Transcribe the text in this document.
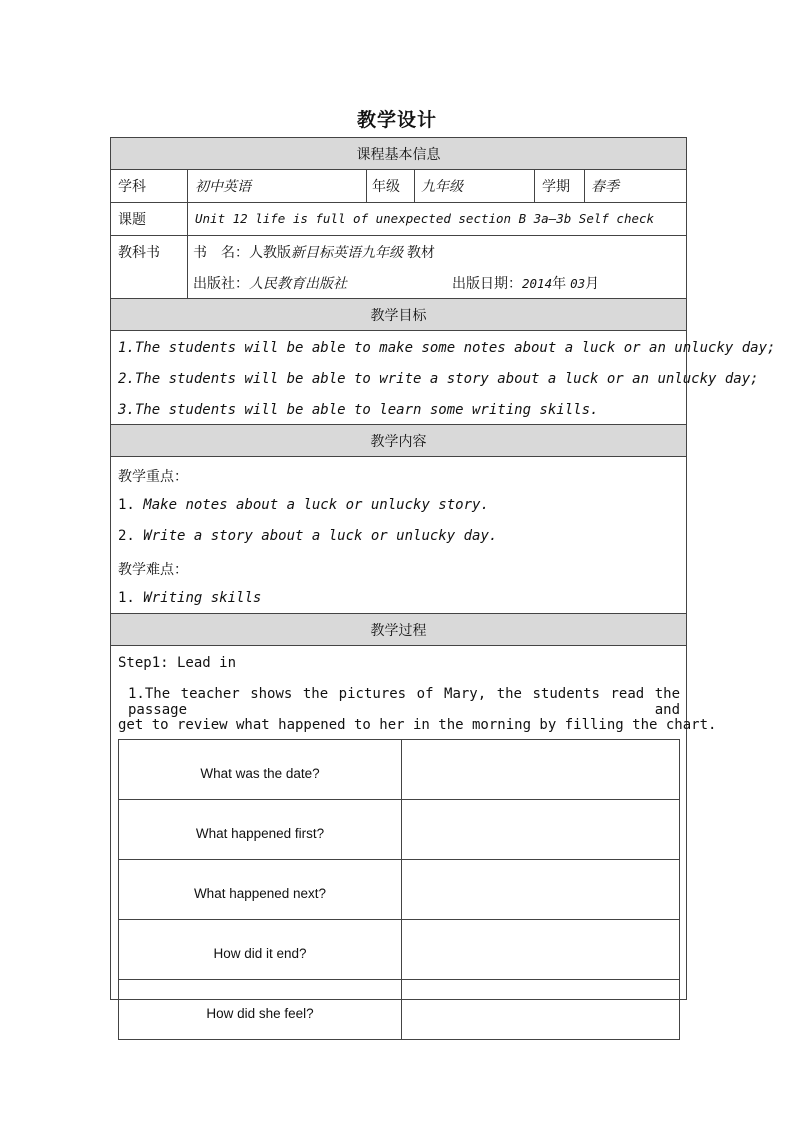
教学设计
课程基本信息
学科	初中英语	年级 九年级	学期 春季
课题	Unit 12 life is full of unexpected section B 3a—3b Self check
教科书 书　名：人教版 新目标英语九年级 教材
出版社： 人民教育出版社	出版日期： 2014 年 03 月
教学目标
1.The students will be able to make some notes about a luck or an unlucky day;
2.The students will be able to write a story about a luck or an unlucky day;
3.The students will be able to learn some writing skills.
教学内容
教学重点：
1. Make notes about a luck or unlucky story.
2. Write a story about a luck or unlucky day.
教学难点：
1. Writing skills
教学过程
Step1: Lead in
1.The teacher shows the pictures of Mary, the students read the passage and
get to review what happened to her in the morning by filling the chart.
What was the date?	
What happened first?	
What happened next?	
How did it end?	
How did she feel?	
